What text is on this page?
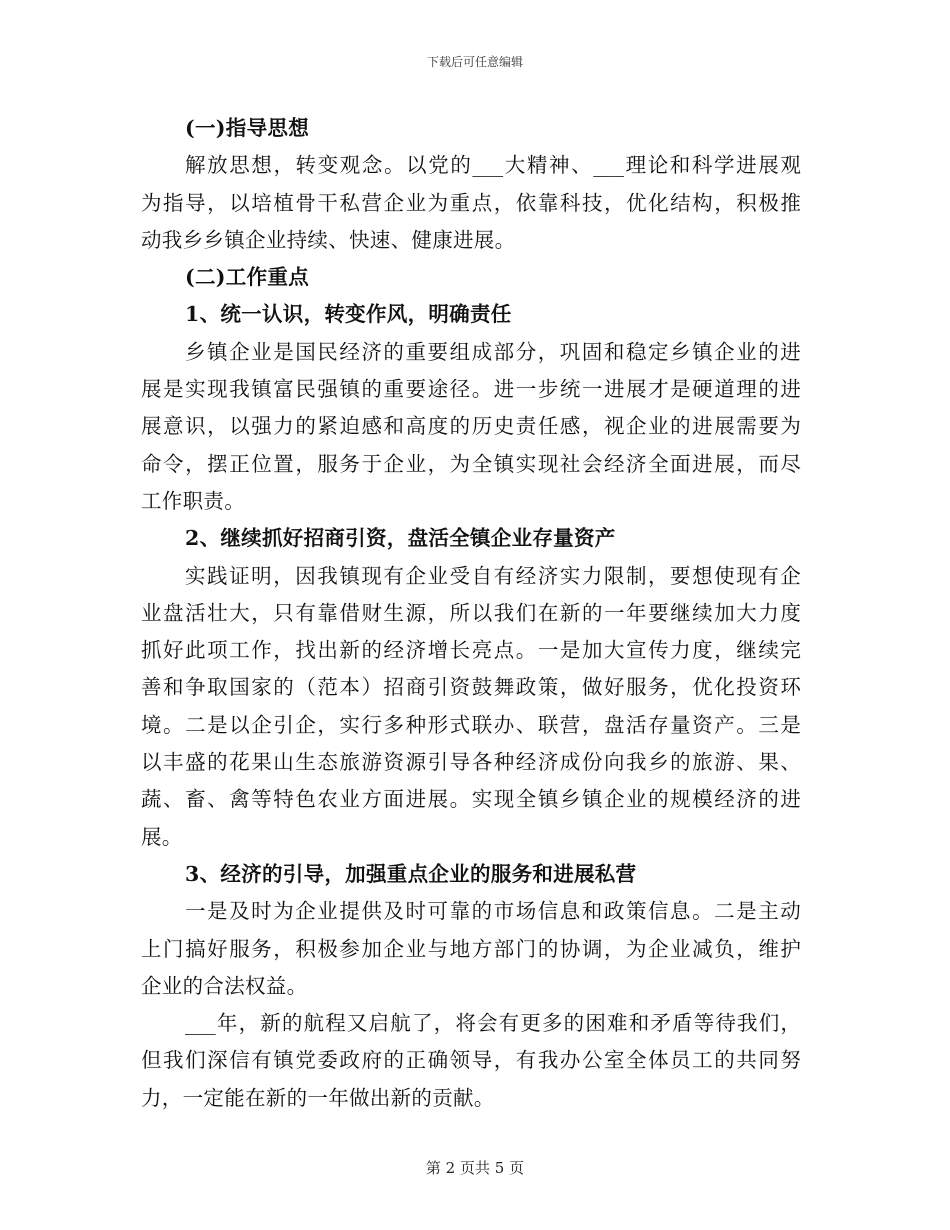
下载后可任意编辑
(一)指导思想
解 放 思 想 ， 转 变 观 念 。 以 党 的 ___ 大 精 神 、 ___ 理 论 和 科 学 进 展 观
为 指 导 ， 以 培 植 骨 干 私 营 企 业 为 重 点 ， 依 靠 科 技 ， 优 化 结 构 ， 积 极 推
动我乡乡镇企业持续、快速、健康进展。
(二)工作重点
1、统一认识，转变作风，明确责任
乡 镇 企 业 是 国 民 经 济 的 重 要 组 成 部 分 ， 巩 固 和 稳 定 乡 镇 企 业 的 进
展 是 实 现 我 镇 富 民 强 镇 的 重 要 途 径 。 进 一 步 统 一 进 展 才 是 硬 道 理 的 进
展 意 识 ， 以 强 力 的 紧 迫 感 和 高 度 的 历 史 责 任 感 ， 视 企 业 的 进 展 需 要 为
命 令 ， 摆 正 位 置 ， 服 务 于 企 业 ， 为 全 镇 实 现 社 会 经 济 全 面 进 展 ， 而 尽
工作职责。
2、继续抓好招商引资，盘活全镇企业存量资产
实 践 证 明 ， 因 我 镇 现 有 企 业 受 自 有 经 济 实 力 限 制 ， 要 想 使 现 有 企
业 盘 活 壮 大 ， 只 有 靠 借 财 生 源 ， 所 以 我 们 在 新 的 一 年 要 继 续 加 大 力 度
抓 好 此 项 工 作 ， 找 出 新 的 经 济 增 长 亮 点 。 一 是 加 大 宣 传 力 度 ， 继 续 完
善 和 争 取 国 家 的 （ 范 本 ） 招 商 引 资 鼓 舞 政 策 ， 做 好 服 务 ， 优 化 投 资 环
境 。 二 是 以 企 引 企 ， 实 行 多 种 形 式 联 办 、 联 营 ， 盘 活 存 量 资 产 。 三 是
以 丰 盛 的 花 果 山 生 态 旅 游 资 源 引 导 各 种 经 济 成 份 向 我 乡 的 旅 游 、 果 、
蔬 、 畜 、 禽 等 特 色 农 业 方 面 进 展 。 实 现 全 镇 乡 镇 企 业 的 规 模 经 济 的 进
展。
3、经济的引导，加强重点企业的服务和进展私营
一 是 及 时 为 企 业 提 供 及 时 可 靠 的 市 场 信 息 和 政 策 信 息 。 二 是 主 动
上 门 搞 好 服 务 ， 积 极 参 加 企 业 与 地 方 部 门 的 协 调 ， 为 企 业 减 负 ， 维 护
企业的合法权益。
___ 年 ， 新 的 航 程 又 启 航 了 ， 将 会 有 更 多 的 困 难 和 矛 盾 等 待 我 们 ，
但 我 们 深 信 有 镇 党 委 政 府 的 正 确 领 导 ， 有 我 办 公 室 全 体 员 工 的 共 同 努
力，一定能在新的一年做出新的贡献。
第 2 页共 5 页
